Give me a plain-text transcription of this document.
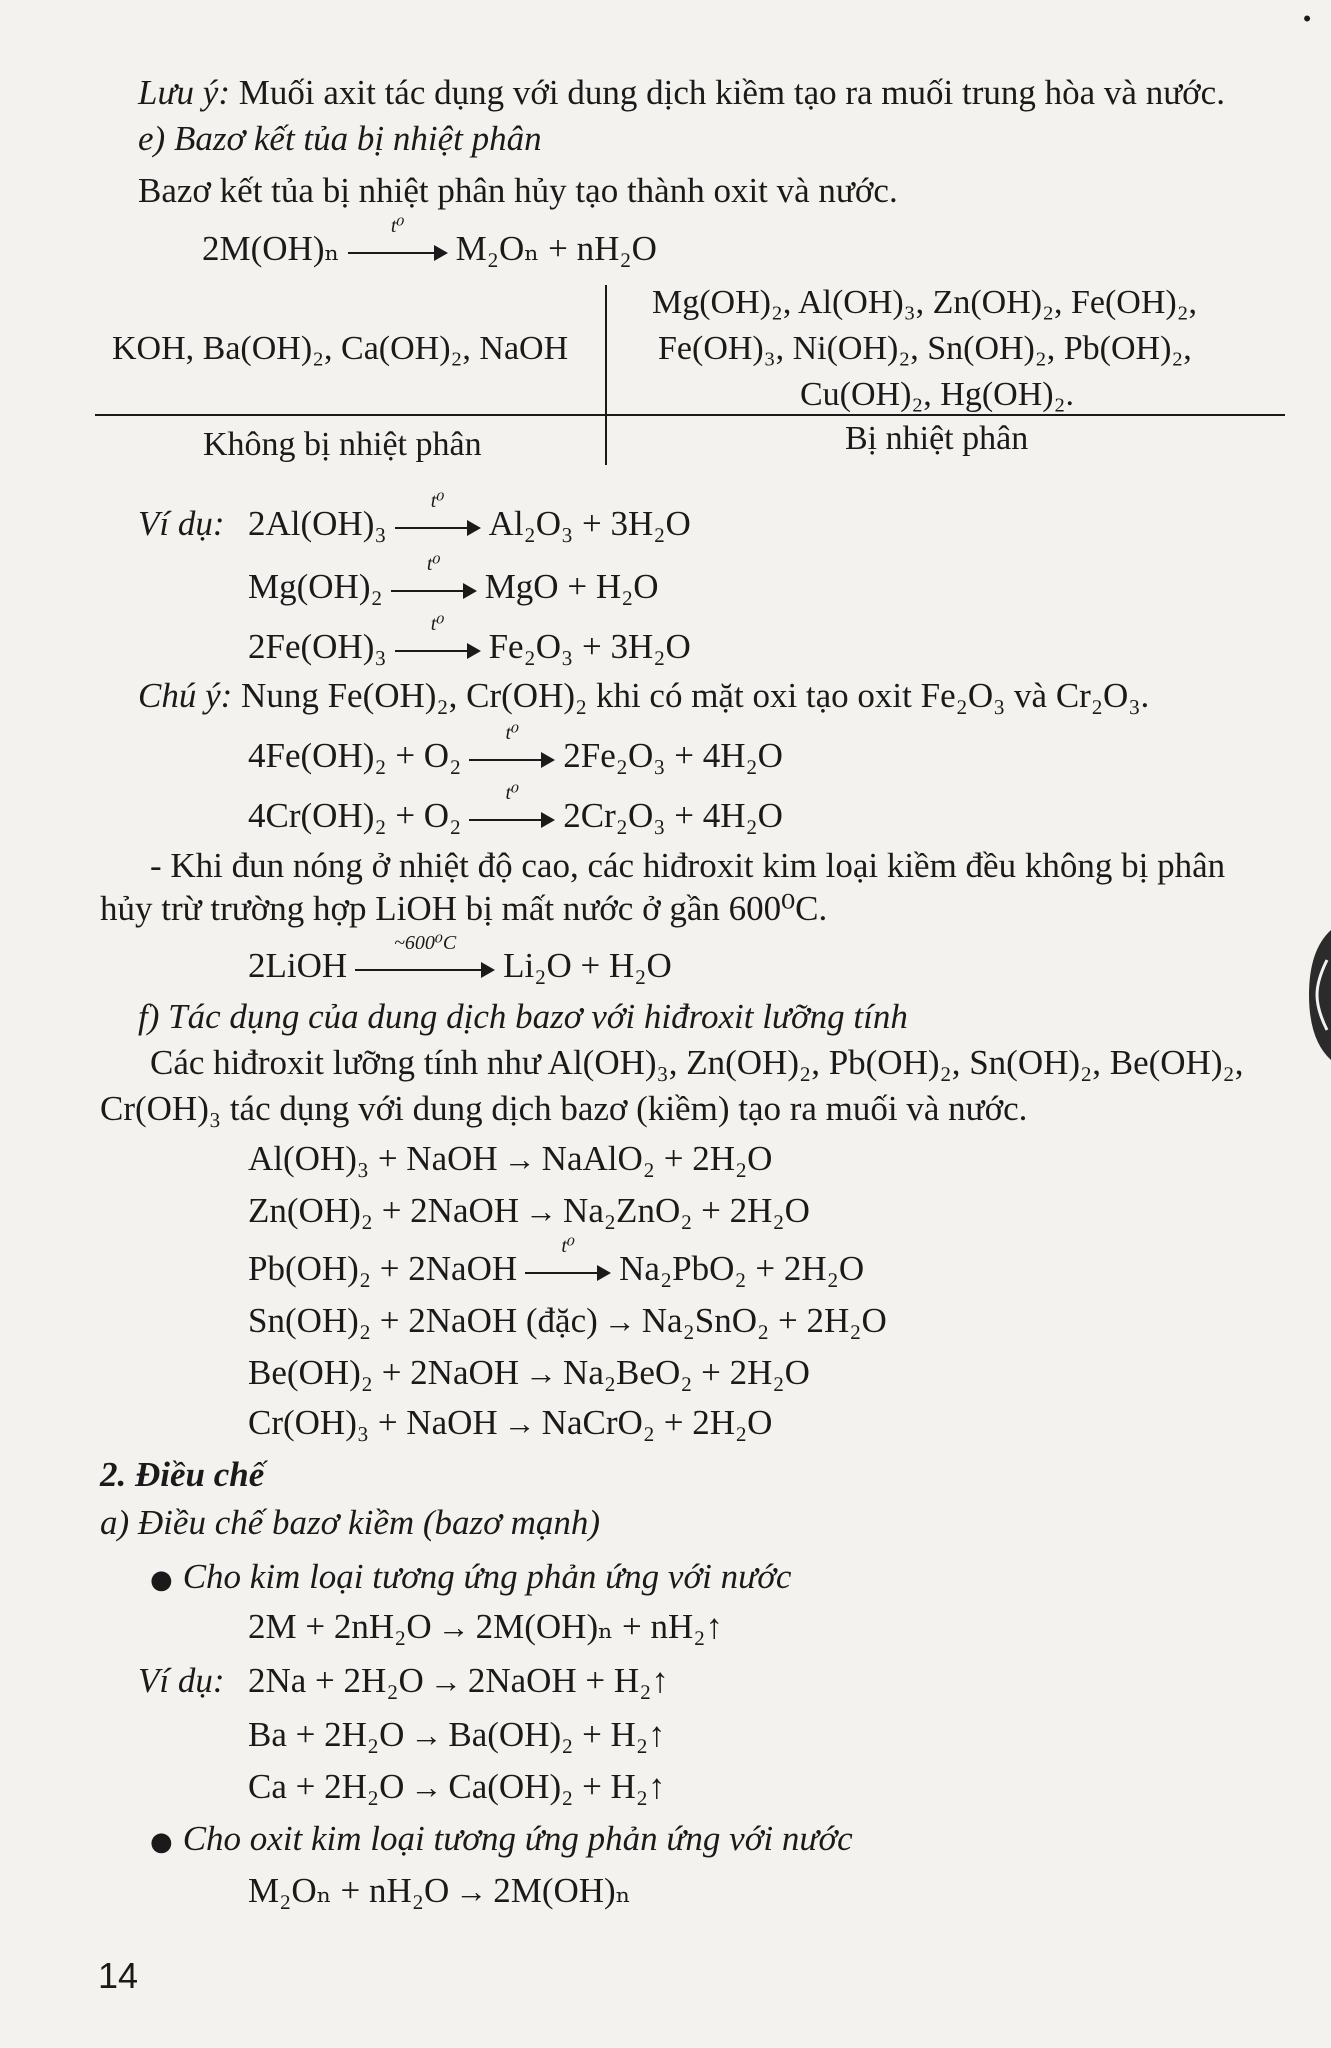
•
Lưu ý: Muối axit tác dụng với dung dịch kiềm tạo ra muối trung hòa và nước.
e) Bazơ kết tủa bị nhiệt phân
Bazơ kết tủa bị nhiệt phân hủy tạo thành oxit và nước.
2M(OH)ₙ
t⁰
M₂Oₙ + nH₂O
KOH, Ba(OH)₂, Ca(OH)₂, NaOH
Mg(OH)₂, Al(OH)₃, Zn(OH)₂, Fe(OH)₂,
Fe(OH)₃, Ni(OH)₂, Sn(OH)₂, Pb(OH)₂,
Cu(OH)₂, Hg(OH)₂.
Không bị nhiệt phân	Bị nhiệt phân
Ví dụ: 2Al(OH)₃
t⁰
Al₂O₃ + 3H₂O
Mg(OH)₂
t⁰
MgO + H₂O
2Fe(OH)₃
t⁰
Fe₂O₃ + 3H₂O
Chú ý: Nung Fe(OH)₂, Cr(OH)₂ khi có mặt oxi tạo oxit Fe₂O₃ và Cr₂O₃.
4Fe(OH)₂ + O₂
t⁰
2Fe₂O₃ + 4H₂O
4Cr(OH)₂ + O₂
t⁰
2Cr₂O₃ + 4H₂O
- Khi đun nóng ở nhiệt độ cao, các hiđroxit kim loại kiềm đều không bị phân
hủy trừ trường hợp LiOH bị mất nước ở gần 600⁰C.
2LiOH
~600⁰C
Li₂O + H₂O
f) Tác dụng của dung dịch bazơ với hiđroxit lưỡng tính
Các hiđroxit lưỡng tính như Al(OH)₃, Zn(OH)₂, Pb(OH)₂, Sn(OH)₂, Be(OH)₂,
Cr(OH)₃ tác dụng với dung dịch bazơ (kiềm) tạo ra muối và nước.
Al(OH)₃ + NaOH → NaAlO₂ + 2H₂O
Zn(OH)₂ + 2NaOH → Na₂ZnO₂ + 2H₂O
Pb(OH)₂ + 2NaOH
t⁰
Na₂PbO₂ + 2H₂O
Sn(OH)₂ + 2NaOH (đặc) → Na₂SnO₂ + 2H₂O
Be(OH)₂ + 2NaOH → Na₂BeO₂ + 2H₂O
Cr(OH)₃ + NaOH → NaCrO₂ + 2H₂O
2. Điều chế
a) Điều chế bazơ kiềm (bazơ mạnh)
● Cho kim loại tương ứng phản ứng với nước
2M + 2nH₂O → 2M(OH)ₙ + nH₂↑
Ví dụ: 2Na + 2H₂O → 2NaOH + H₂↑
Ba + 2H₂O → Ba(OH)₂ + H₂↑
Ca + 2H₂O → Ca(OH)₂ + H₂↑
● Cho oxit kim loại tương ứng phản ứng với nước
M₂Oₙ + nH₂O → 2M(OH)ₙ
14
